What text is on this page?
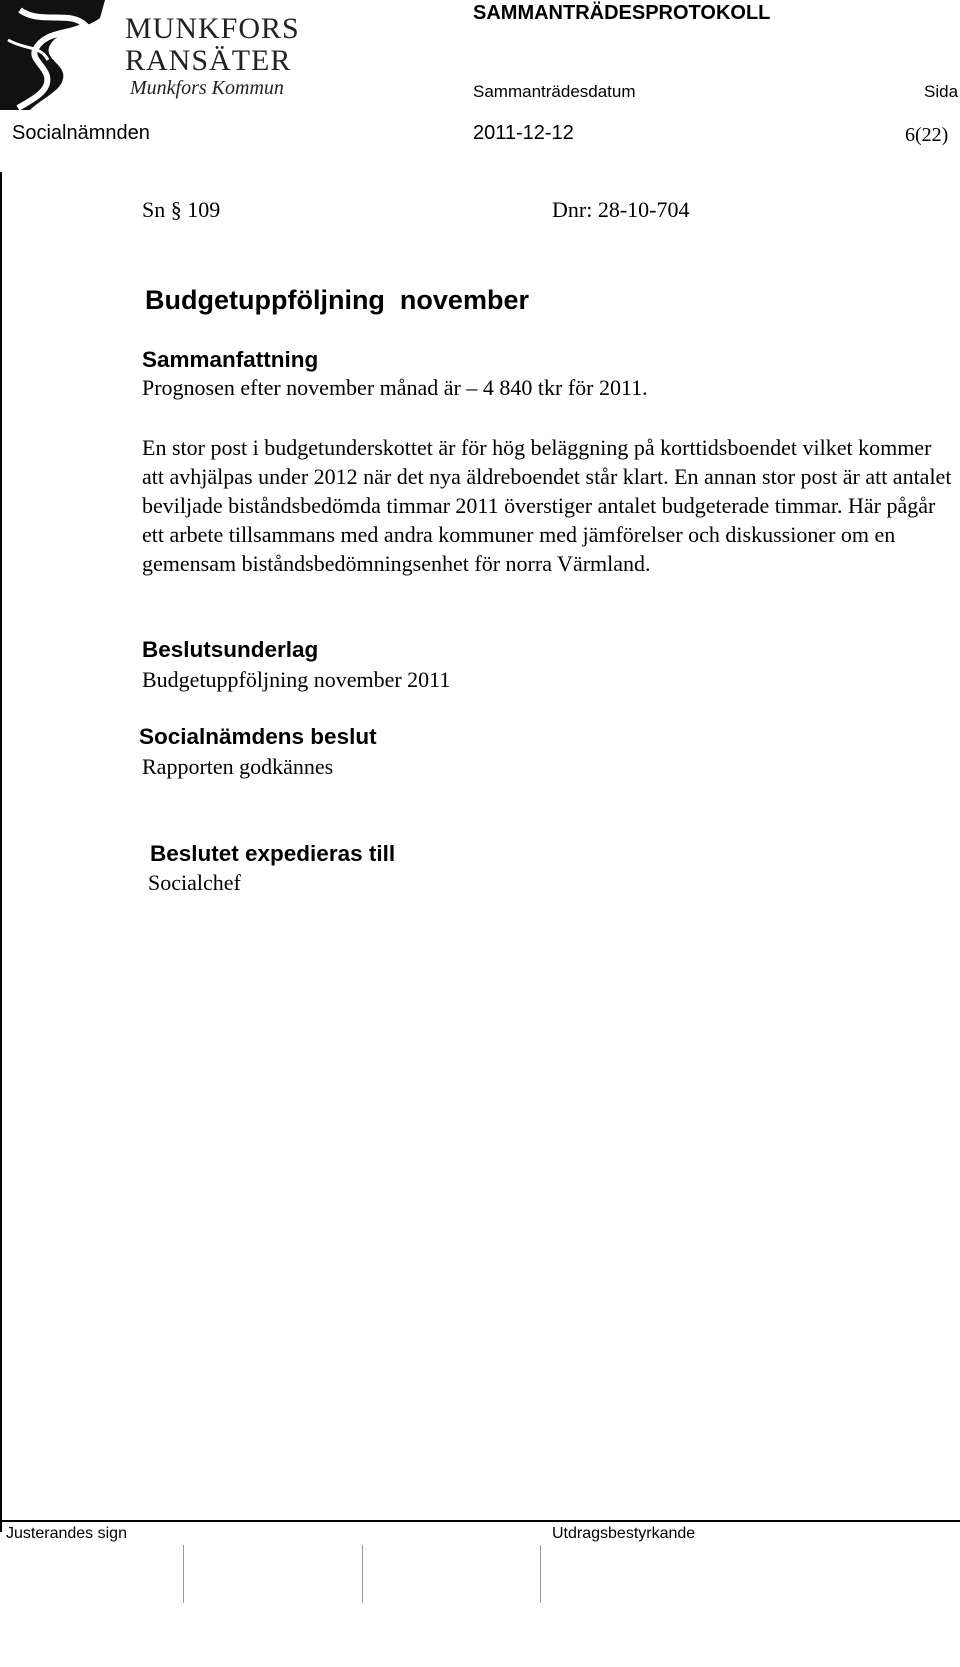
MUNKFORS
RANSÄTER
Munkfors Kommun
SAMMANTRÄDESPROTOKOLL
Sammanträdesdatum	Sida
Socialnämnden	2011-12-12	6(22)
Sn § 109	Dnr: 28-10-704
Budgetuppföljning  november
Sammanfattning
Prognosen efter november månad är – 4 840 tkr för 2011.
En stor post i budgetunderskottet är för hög beläggning på korttidsboendet vilket kommer att avhjälpas under 2012 när det nya äldreboendet står klart. En annan stor post är att antalet beviljade biståndsbedömda timmar 2011 överstiger antalet budgeterade timmar. Här pågår ett arbete tillsammans med andra kommuner med jämförelser och diskussioner om en gemensam biståndsbedömningsenhet för norra Värmland.
Beslutsunderlag
Budgetuppföljning november 2011
Socialnämdens beslut
Rapporten godkännes
Beslutet expedieras till
Socialchef
Justerandes sign	Utdragsbestyrkande
